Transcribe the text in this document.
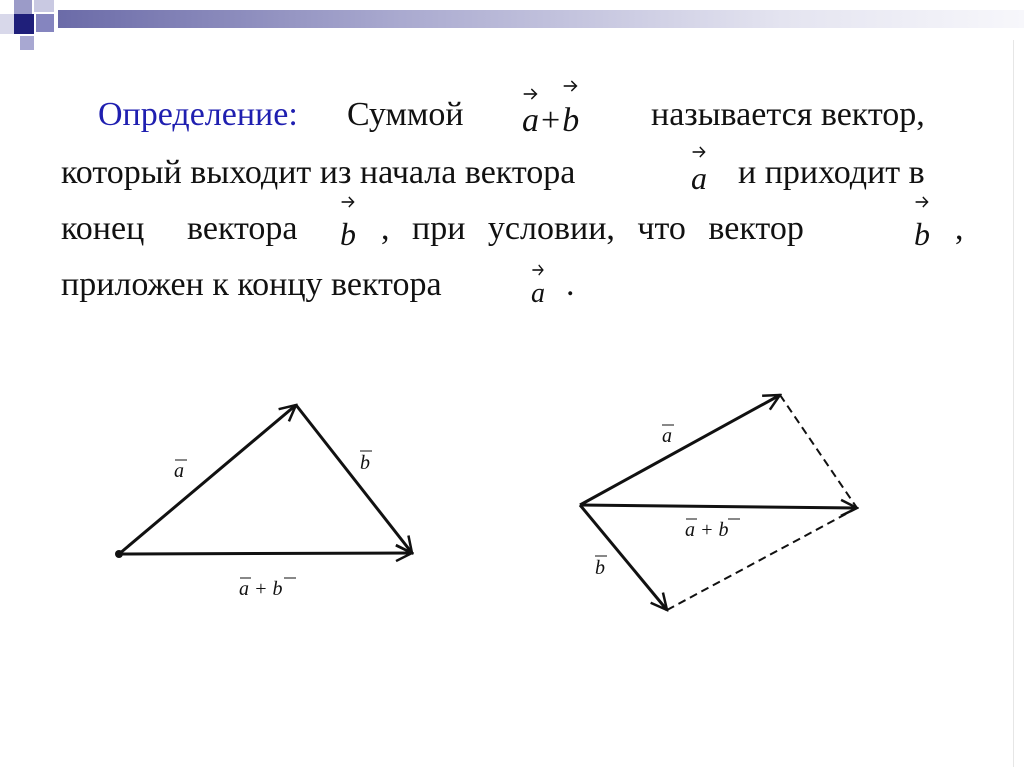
Определение: Суммой a+
b называется вектор,
который выходит из начала вектора	a и приходит в
конец вектора b , при условии, что вектор	b ,
приложен к концу вектора	a .
a	b
a + b
a
b
a + b
